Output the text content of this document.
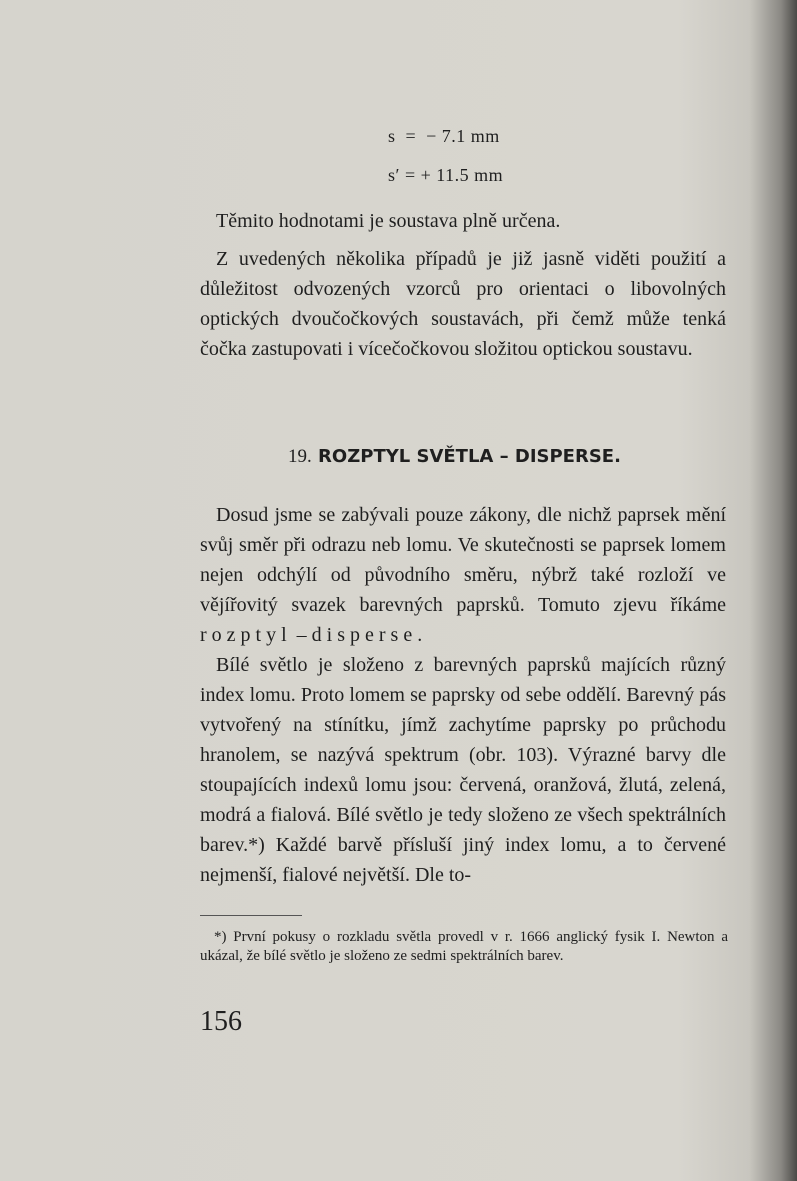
s  =  − 7.1 mm
s′ = + 11.5 mm

Těmito hodnotami je soustava plně určena.

Z uvedených několika případů je již jasně viděti použití a důležitost odvozených vzorců pro orientaci o libovolných optických dvoučočkových soustavách, při čemž může tenká čočka zastupovati i vícečočkovou složitou optickou soustavu.

19. ROZPTYL SVĚTLA – DISPERSE.

Dosud jsme se zabývali pouze zákony, dle nichž paprsek mění svůj směr při odrazu neb lomu. Ve skutečnosti se paprsek lomem nejen odchýlí od původního směru, nýbrž také rozloží ve vějířovitý svazek barevných paprsků. Tomuto zjevu říkáme rozptyl – disperse.

Bílé světlo je složeno z barevných paprsků majících různý index lomu. Proto lomem se paprsky od sebe oddělí. Barevný pás vytvořený na stínítku, jímž zachytíme paprsky po průchodu hranolem, se nazývá spektrum (obr. 103). Výrazné barvy dle stoupajících indexů lomu jsou: červená, oranžová, žlutá, zelená, modrá a fialová. Bílé světlo je tedy složeno ze všech spektrálních barev.*) Každé barvě přísluší jiný index lomu, a to červené nejmenší, fialové největší. Dle to-

*) První pokusy o rozkladu světla provedl v r. 1666 anglický fysik I. Newton a ukázal, že bílé světlo je složeno ze sedmi spektrálních barev.

156
